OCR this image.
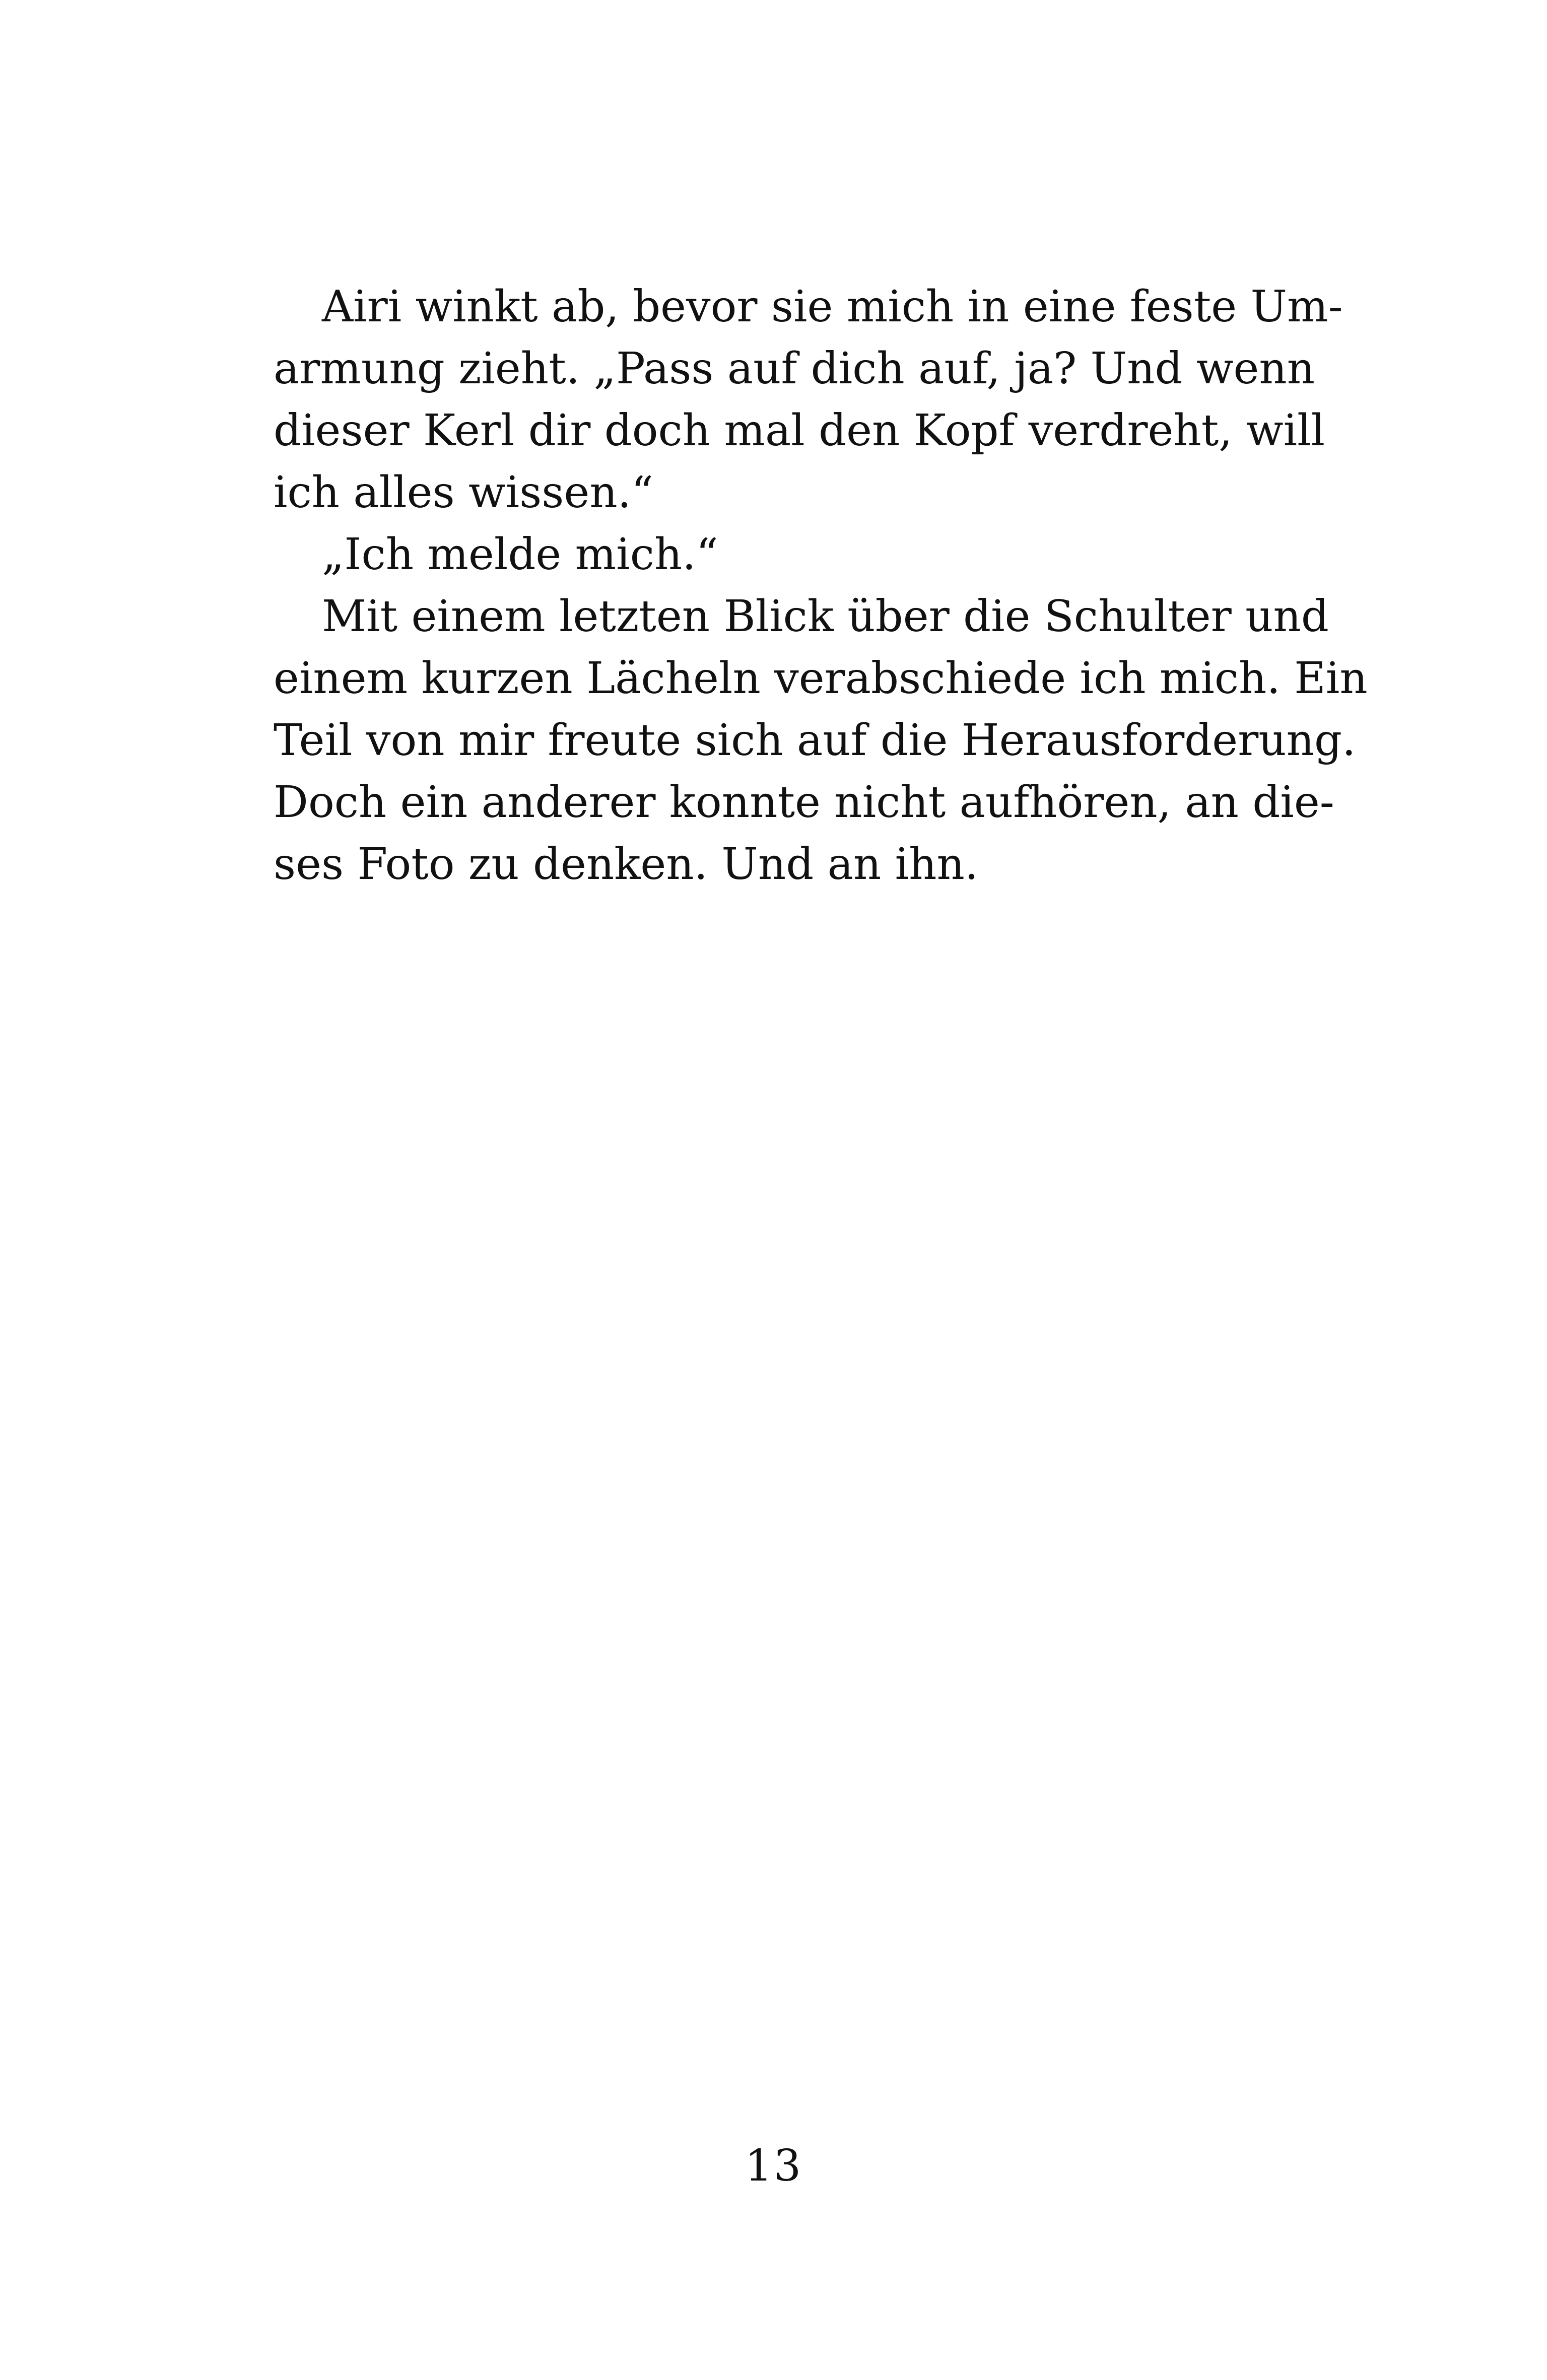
Airi winkt ab, bevor sie mich in eine feste Um-

armung zieht. „Pass auf dich auf, ja? Und wenn

dieser Kerl dir doch mal den Kopf verdreht, will

ich alles wissen.“

„Ich melde mich.“

Mit einem letzten Blick über die Schulter und

einem kurzen Lächeln verabschiede ich mich. Ein

Teil von mir freute sich auf die Herausforderung.

Doch ein anderer konnte nicht aufhören, an die-

ses Foto zu denken. Und an ihn.

13
